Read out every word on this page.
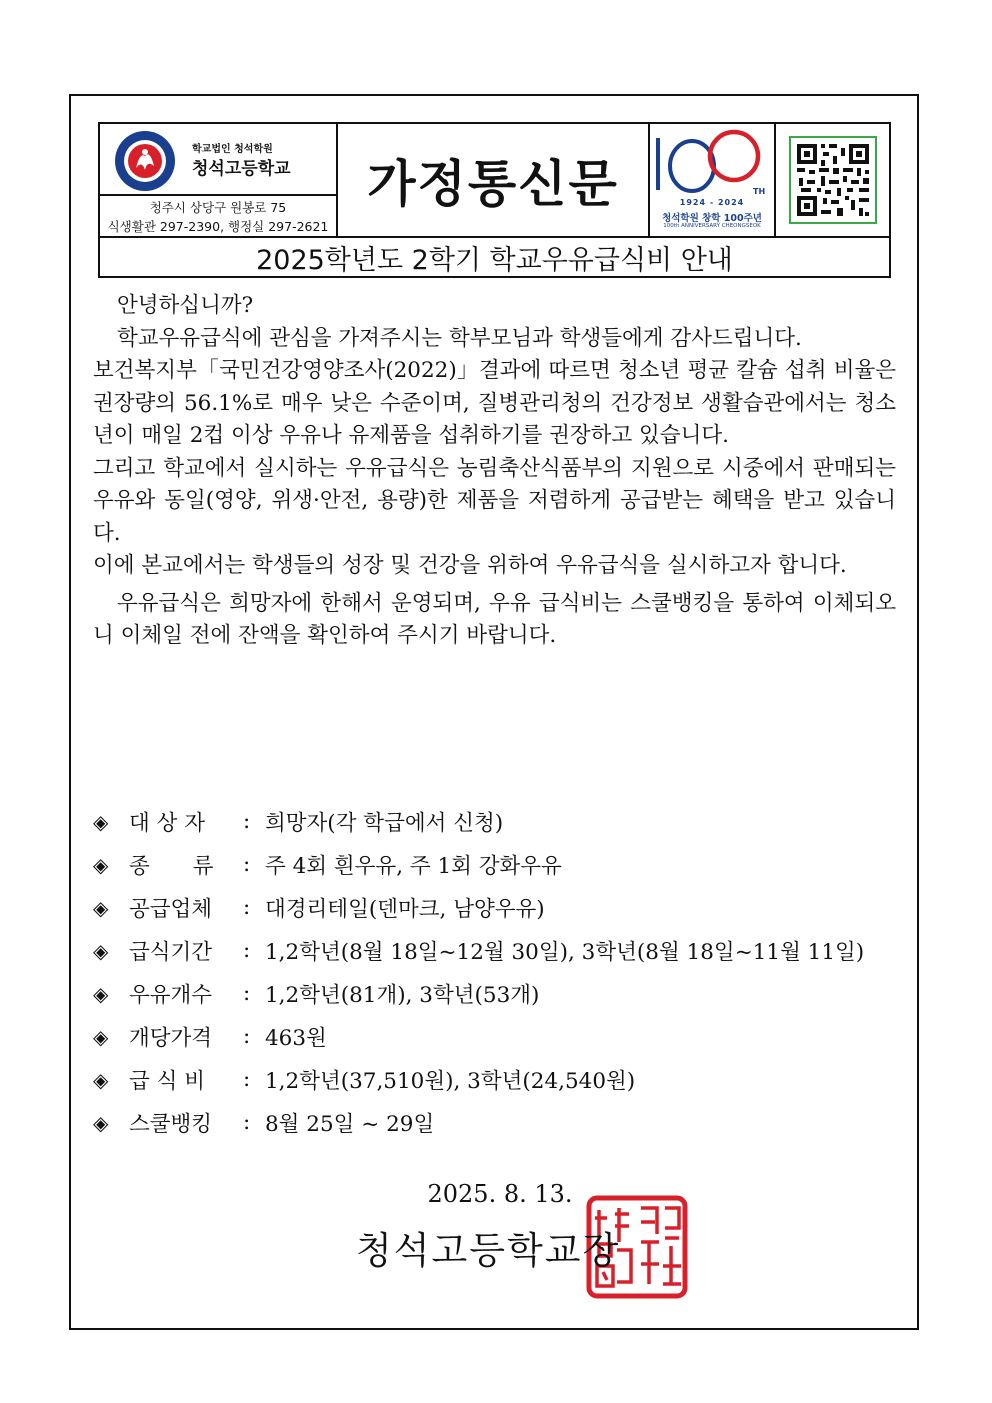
학교법인 청석학원
청석고등학교
청주시 상당구 원봉로 75
식생활관 297-2390, 행정실 297-2621
가정통신문	TH
1924 - 2024
청석학원 창학 100주년
100th ANNIVERSARY CHEONGSEOK
2025학년도 2학기 학교우유급식비 안내

안녕하십니까?

학교우유급식에 관심을 가져주시는 학부모님과 학생들에게 감사드립니다.

보건복지부「국민건강영양조사(2022)」결과에 따르면 청소년 평균 칼슘 섭취 비율은 권장량의 56.1%로 매우 낮은 수준이며, 질병관리청의 건강정보 생활습관에서는 청소년이 매일 2컵 이상 우유나 유제품을 섭취하기를 권장하고 있습니다.

그리고 학교에서 실시하는 우유급식은 농림축산식품부의 지원으로 시중에서 판매되는 우유와 동일(영양, 위생·안전, 용량)한 제품을 저렴하게 공급받는 혜택을 받고 있습니다.

이에 본교에서는 학생들의 성장 및 건강을 위하여 우유급식을 실시하고자 합니다.

우유급식은 희망자에 한해서 운영되며, 우유 급식비는 스쿨뱅킹을 통하여 이체되오니 이체일 전에 잔액을 확인하여 주시기 바랍니다.

◈ 대 상 자	: 희망자(각 학급에서 신청)
◈ 종　　류	: 주 4회 흰우유, 주 1회 강화우유
◈ 공급업체	: 대경리테일(덴마크, 남양우유)
◈ 급식기간	: 1,2학년(8월 18일~12월 30일), 3학년(8월 18일~11월 11일)
◈ 우유개수	: 1,2학년(81개), 3학년(53개)
◈ 개당가격	: 463원
◈ 급 식 비	: 1,2학년(37,510원), 3학년(24,540원)
◈ 스쿨뱅킹	: 8월 25일 ~ 29일
2025. 8. 13.
청석고등학교장
